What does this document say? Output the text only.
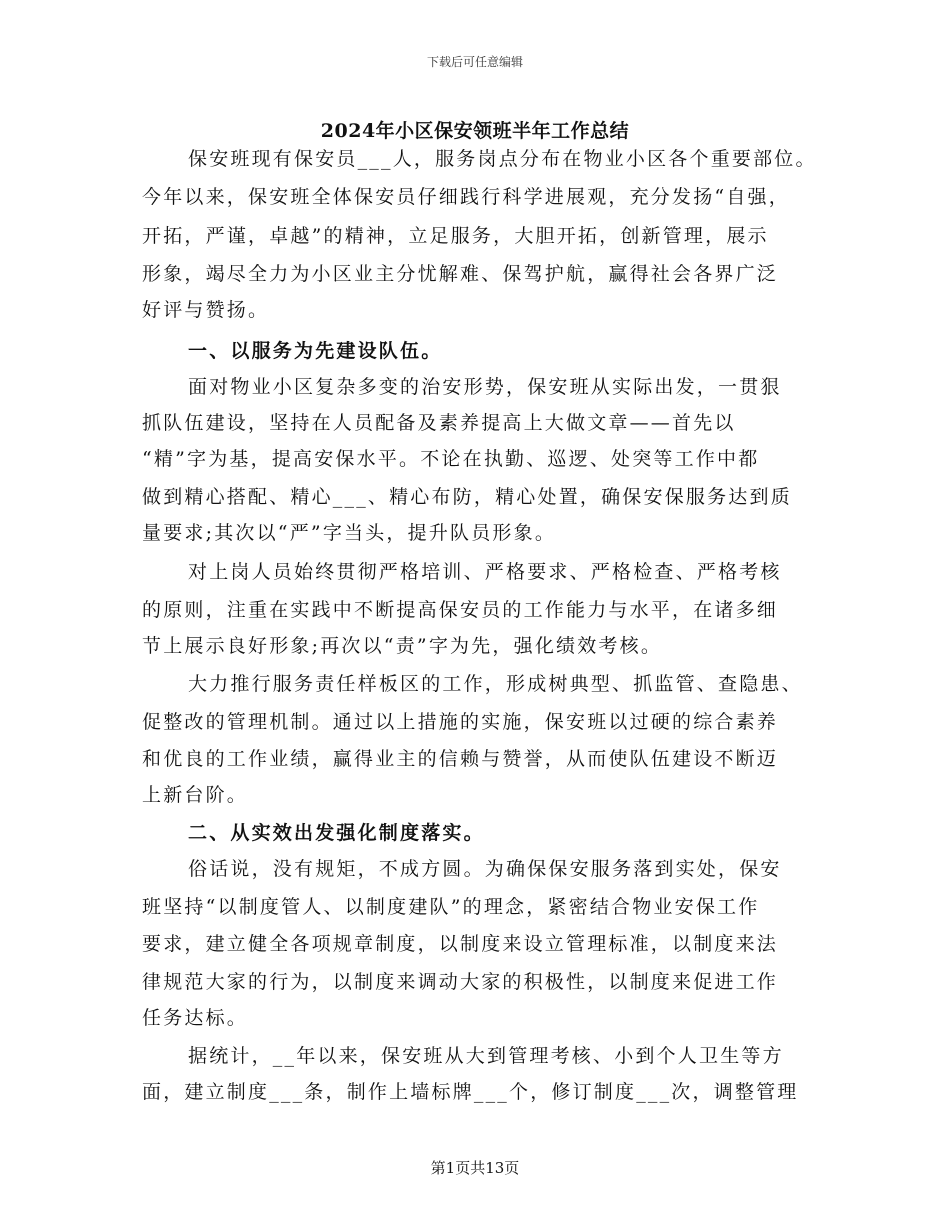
下载后可任意编辑
2024年小区保安领班半年工作总结
保安班现有保安员___人，服务岗点分布在物业小区各个重要部位。
今年以来，保安班全体保安员仔细践行科学进展观，充分发扬“自强，
开拓，严谨，卓越”的精神，立足服务，大胆开拓，创新管理，展示
形象，竭尽全力为小区业主分忧解难、保驾护航，赢得社会各界广泛
好评与赞扬。
一、以服务为先建设队伍。
面对物业小区复杂多变的治安形势，保安班从实际出发，一贯狠
抓队伍建设，坚持在人员配备及素养提高上大做文章——首先以
“精”字为基，提高安保水平。不论在执勤、巡逻、处突等工作中都
做到精心搭配、精心___、精心布防，精心处置，确保安保服务达到质
量要求;其次以“严”字当头，提升队员形象。
对上岗人员始终贯彻严格培训、严格要求、严格检查、严格考核
的原则，注重在实践中不断提高保安员的工作能力与水平，在诸多细
节上展示良好形象;再次以“责”字为先，强化绩效考核。
大力推行服务责任样板区的工作，形成树典型、抓监管、查隐患、
促整改的管理机制。通过以上措施的实施，保安班以过硬的综合素养
和优良的工作业绩，赢得业主的信赖与赞誉，从而使队伍建设不断迈
上新台阶。
二、从实效出发强化制度落实。
俗话说，没有规矩，不成方圆。为确保保安服务落到实处，保安
班坚持“以制度管人、以制度建队”的理念，紧密结合物业安保工作
要求，建立健全各项规章制度，以制度来设立管理标准，以制度来法
律规范大家的行为，以制度来调动大家的积极性，以制度来促进工作
任务达标。
据统计，__年以来，保安班从大到管理考核、小到个人卫生等方
面，建立制度___条，制作上墙标牌___个，修订制度___次，调整管理
第1页共13页
